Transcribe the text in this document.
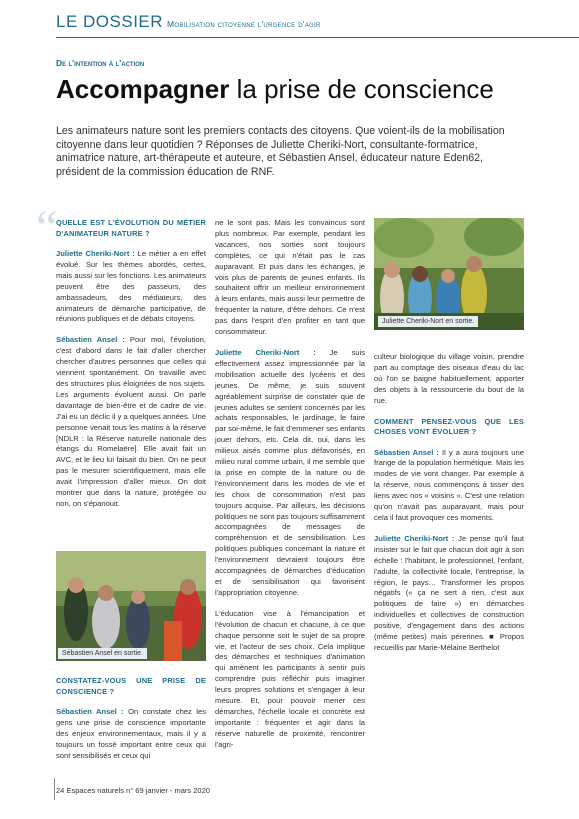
LE DOSSIER Mobilisation citoyenne l'urgence d'agir
De l'intention à l'action
Accompagner la prise de conscience
Les animateurs nature sont les premiers contacts des citoyens. Que voient-ils de la mobilisation citoyenne dans leur quotidien ? Réponses de Juliette Cheriki-Nort, consultante-formatrice, animatrice nature, art-thérapeute et auteure, et Sébastien Ansel, éducateur nature Eden62, président de la commission éducation de RNF.
“
QUELLE EST L'ÉVOLUTION DU MÉTIER D'ANIMATEUR NATURE ?

Juliette Cheriki-Nort : Le métier a en effet évolué. Sur les thèmes abordés, certes, mais aussi sur les fonctions. Les animateurs peuvent être des passeurs, des ambassadeurs, des médiateurs, des animateurs de démarche participative, de réunions publiques et de débats citoyens.

Sébastien Ansel : Pour moi, l'évolution, c'est d'abord dans le fait d'aller chercher chercher d'autres personnes que celles qui viennent spontanément. On travaille avec des structures plus éloignées de nos sujets. Les arguments évoluent aussi. On parle davantage de bien-être et de cadre de vie. J'ai eu un déclic il y a quelques années. Une personne venait tous les matins à la réserve [NDLR : la Réserve naturelle nationale des étangs du Romelaëre]. Elle avait fait un AVC, et le lieu lui faisait du bien. On ne peut pas le mesurer scientifiquement, mais elle avait l'impression d'aller mieux. On doit montrer que dans la nature, protégée ou non, on s'épanouit.

Sébastien Ansel en sortie.
CONSTATEZ-VOUS UNE PRISE DE CONSCIENCE ?

Sébastien Ansel : On constate chez les gens une prise de conscience importante des enjeux environnementaux, mais il y a toujours un fossé important entre ceux qui sont sensibilisés et ceux qui

ne le sont pas. Mais les convaincus sont plus nombreux. Par exemple, pendant les vacances, nos sorties sont toujours complètes, ce qui n'était pas le cas auparavant. Et puis dans les échanges, je vois plus de parents de jeunes enfants. Ils souhaitent offrir un meilleur environnement à leurs enfants, mais aussi leur permettre de fréquenter la nature, d'être dehors. Ce n'est pas dans l'esprit d'en profiter en tant que consommateur.

Juliette Cheriki-Nort : Je suis effectivement assez impressionnée par la mobilisation actuelle des lycéens et des jeunes. De même, je suis souvent agréablement surprise de constater que de jeunes adultes se sentent concernés par les achats responsables, le jardinage, le faire par soi-même, le fait d'emmener ses enfants jouer dehors, etc. Cela dit, oui, dans les milieux aisés comme plus défavorisés, en milieu rural comme urbain, il me semble que la prise en compte de la nature ou de l'environnement dans les modes de vie et les choix de consommation n'est pas toujours acquise. Par ailleurs, les décisions politiques ne sont pas toujours suffisamment accompagnées de messages de compréhension et de sensibilisation. Les politiques publiques concernant la nature et l'environnement devraient toujours être accompagnées de démarches d'éducation et de sensibilisation qui favorisent l'appropriation citoyenne.

L'éducation vise à l'émancipation et l'évolution de chacun et chacune, à ce que chaque personne soit le sujet de sa propre vie, et l'acteur de ses choix. Cela implique des démarches et techniques d'animation qui amènent les participants à sentir puis comprendre puis réfléchir puis imaginer leurs propres solutions et s'engager à leur mesure. Et, pour pouvoir mener ces démarches, l'échelle locale et concrète est importante : fréquenter et agir dans la réserve naturelle de proximité, rencontrer l'agri-

Juliette Cheriki-Nort en sortie.

culteur biologique du village voisin, prendre part au comptage des oiseaux d'eau du lac où l'on se baigne habituellement, apporter des objets à la ressourcerie du bout de la rue.

COMMENT PENSEZ-VOUS QUE LES CHOSES VONT ÉVOLUER ?

Sébastien Ansel : Il y a aura toujours une frange de la population hermétique. Mais les modes de vie vont changer. Par exemple à la réserve, nous commençons à tisser des liens avec nos « voisins ». C'est une relation qu'on n'avait pas auparavant, mais pour cela il faut provoquer ces moments.

Juliette Cheriki-Nort : Je pense qu'il faut insister sur le fait que chacun doit agir à son échelle : l'habitant, le professionnel, l'enfant, l'adulte, la collectivité locale, l'entreprise, la région, le pays… Transformer les propos négatifs (« ça ne sert à rien, c'est aux politiques de faire ») en démarches individuelles et collectives de construction positive, d'engagement dans des actions (même petites) mais pérennes. ■ Propos recueillis par Marie-Mélaine Berthelot

24 Espaces naturels n° 69 janvier - mars 2020
